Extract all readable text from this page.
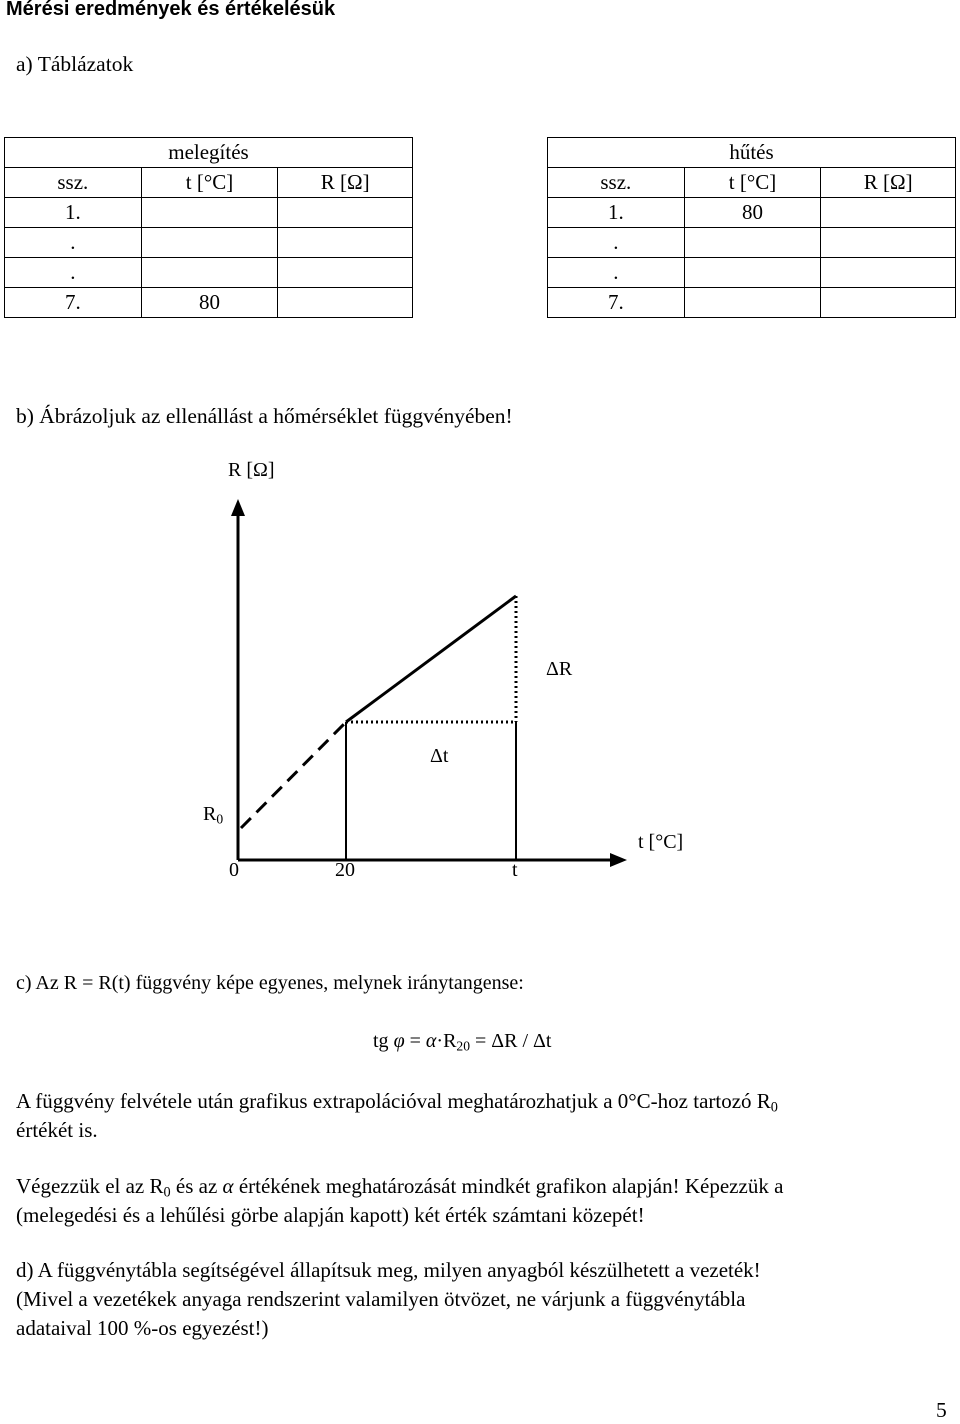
Mérési eredmények és értékelésük
a) Táblázatok
melegítés		
ssz.	t [°C]	R [Ω]
1.		
.		
.		
7.	80	
hűtés		
ssz.	t [°C]	R [Ω]
1.	80	
.		
.		
7.		
b) Ábrázoljuk az ellenállást a hőmérséklet függvényében!
R [Ω]
ΔR
Δt
$R_0$
t [°C]
0	20	t
c) Az R = R(t) függvény képe egyenes, melynek iránytangense:
tg $\varphi = \alpha\cdot R_{20} = \Delta R / \Delta t$
A függvény felvétele után grafikus extrapolációval meghatározhatjuk a 0°C-hoz tartozó $R_0$
értékét is.
Végezzük el az $R_0$ és az α értékének meghatározását mindkét grafikon alapján! Képezzük a
(melegedési és a lehűlési görbe alapján kapott) két érték számtani közepét!
d) A függvénytábla segítségével állapítsuk meg, milyen anyagból készülhetett a vezeték!
(Mivel a vezetékek anyaga rendszerint valamilyen ötvözet, ne várjunk a függvénytábla
adataival 100 %-os egyezést!)
5
